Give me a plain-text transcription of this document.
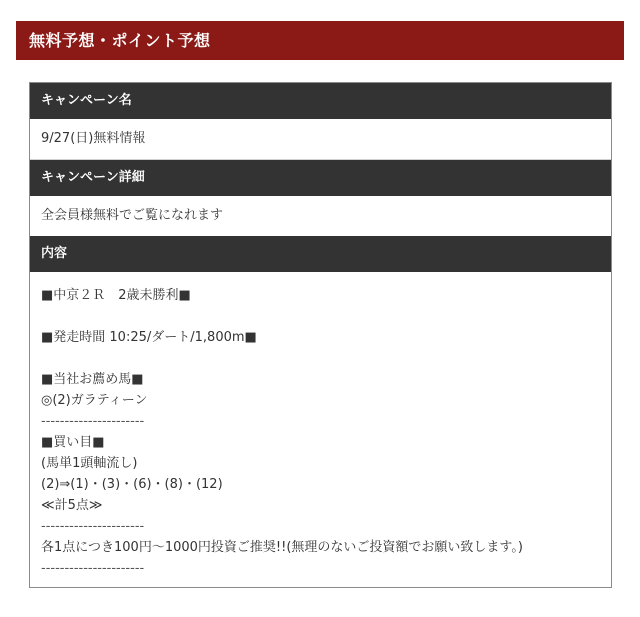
無料予想・ポイント予想
キャンペーン名
9/27(日)無料情報
キャンペーン詳細
全会員様無料でご覧になれます
内容
■中京２Ｒ　2歳未勝利■
■発走時間 10:25/ダート/1,800m■
■当社お薦め馬■
◎(2)ガラティーン
----------------------
■買い目■
(馬単1頭軸流し)
(2)⇒(1)・(3)・(6)・(8)・(12)
≪計5点≫
----------------------
各1点につき100円〜1000円投資ご推奨!!(無理のないご投資額でお願い致します。)
----------------------
